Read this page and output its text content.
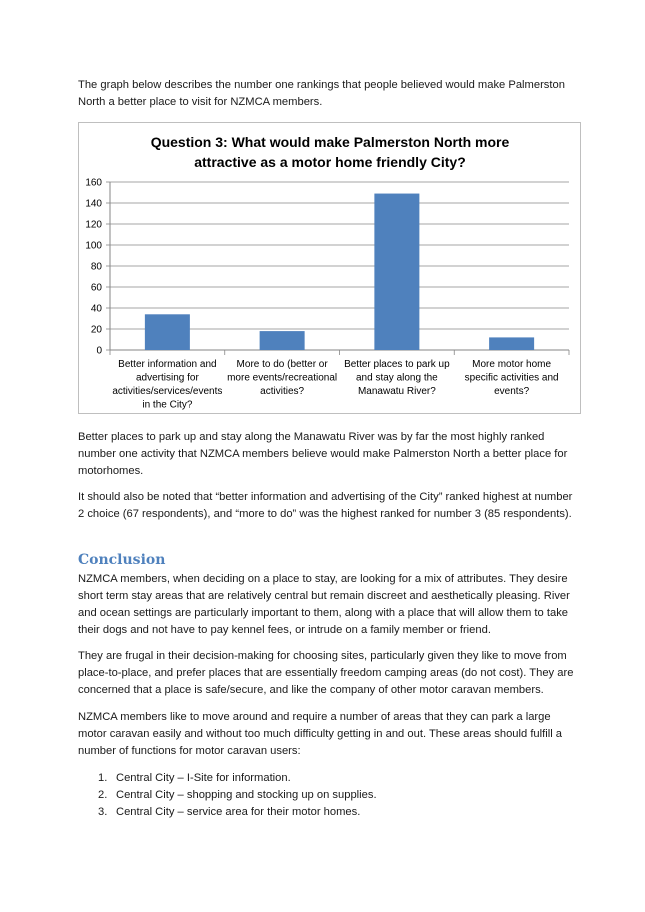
The graph below describes the number one rankings that people believed would make Palmerston North a better place to visit for NZMCA members.

Question 3: What would make Palmerston North more
attractive as a motor home friendly City?
0
20
40
60
80
100
120
140
160
Better information and advertising for activities/services/events in the City?
More to do (better or more events/recreational activities?
Better places to park up and stay along the Manawatu River?
More motor home specific activities and events?

Better places to park up and stay along the Manawatu River was by far the most highly ranked number one activity that NZMCA members believe would make Palmerston North a better place for motorhomes.

It should also be noted that “better information and advertising of the City” ranked highest at number 2 choice (67 respondents), and “more to do” was the highest ranked for number 3 (85 respondents).

Conclusion

NZMCA members, when deciding on a place to stay, are looking for a mix of attributes. They desire short term stay areas that are relatively central but remain discreet and aesthetically pleasing. River and ocean settings are particularly important to them, along with a place that will allow them to take their dogs and not have to pay kennel fees, or intrude on a family member or friend.

They are frugal in their decision-making for choosing sites, particularly given they like to move from place-to-place, and prefer places that are essentially freedom camping areas (do not cost). They are concerned that a place is safe/secure, and like the company of other motor caravan members.

NZMCA members like to move around and require a number of areas that they can park a large motor caravan easily and without too much difficulty getting in and out. These areas should fulfill a number of functions for motor caravan users:

1. Central City – I-Site for information.
2. Central City – shopping and stocking up on supplies.
3. Central City – service area for their motor homes.
